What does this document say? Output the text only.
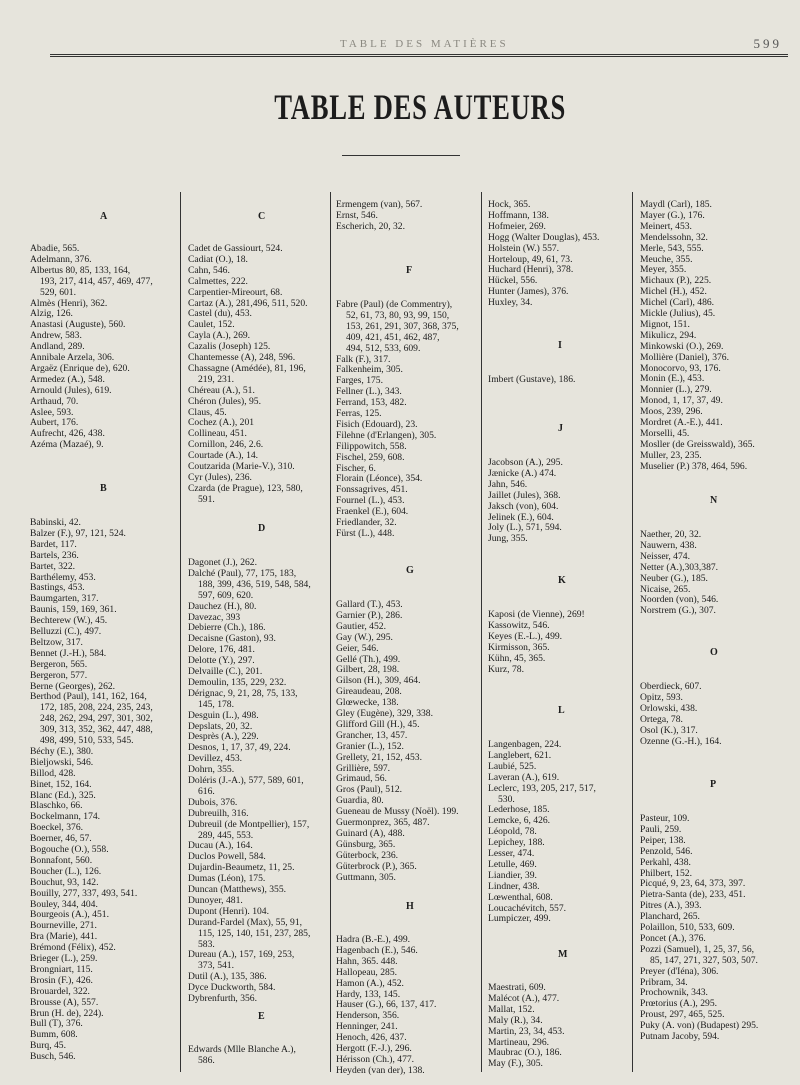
TABLE DES MATIÈRES	599
TABLE DES AUTEURS
A
Abadie, 565.
Adelmann, 376.
Albertus 80, 85, 133, 164,
193, 217, 414, 457, 469, 477,
529, 601.
Almès (Henri), 362.
Alzig, 126.
Anastasi (Auguste), 560.
Andrew, 583.
Andland, 289.
Annibale Arzela, 306.
Argaëz (Enrique de), 620.
Armedez (A.), 548.
Arnould (Jules), 619.
Arthaud, 70.
Aslee, 593.
Aubert, 176.
Aufrecht, 426, 438.
Azéma (Mazaé), 9.
B
Babinski, 42.
Balzer (F.), 97, 121, 524.
Bardet, 117.
Bartels, 236.
Bartet, 322.
Barthélemy, 453.
Bastings, 453.
Baumgarten, 317.
Baunis, 159, 169, 361.
Bechterew (W.), 45.
Belluzzi (C.), 497.
Beltzow, 317.
Bennet (J.-H.), 584.
Bergeron, 565.
Bergeron, 577.
Berne (Georges), 262.
Berthod (Paul), 141, 162, 164,
172, 185, 208, 224, 235, 243,
248, 262, 294, 297, 301, 302,
309, 313, 352, 362, 447, 488,
498, 499, 510, 533, 545.
Béchy (E.), 380.
Bieljowski, 546.
Billod, 428.
Binet, 152, 164.
Blanc (Ed.), 325.
Blaschko, 66.
Bockelmann, 174.
Boeckel, 376.
Boerner, 46, 57.
Bogouche (O.), 558.
Bonnafont, 560.
Boucher (L.), 126.
Bouchut, 93, 142.
Bouilly, 277, 337, 493, 541.
Bouley, 344, 404.
Bourgeois (A.), 451.
Bourneville, 271.
Bra (Marie), 441.
Brémond (Félix), 452.
Brieger (L.), 259.
Brongniart, 115.
Brosin (F.), 426.
Brouardel, 322.
Brousse (A), 557.
Brun (H. de), 224).
Bull (T), 376.
Bumm, 608.
Burq, 45.
Busch, 546.
C
Cadet de Gassiourt, 524.
Cadiat (O.), 18.
Cahn, 546.
Calmettes, 222.
Carpentier-Mireourt, 68.
Cartaz (A.), 281,496, 511, 520.
Castel (du), 453.
Caulet, 152.
Cayla (A.), 269.
Cazalis (Joseph) 125.
Chantemesse (A), 248, 596.
Chassagne (Amédée), 81, 196,
219, 231.
Chéreau (A.), 51.
Chéron (Jules), 95.
Claus, 45.
Cochez (A.), 201
Collineau, 451.
Cornillon, 246, 2.6.
Courtade (A.), 14.
Coutzarida (Marie-V.), 310.
Cyr (Jules), 236.
Czarda (de Prague), 123, 580,
591.
D
Dagonet (J.), 262.
Dalché (Paul), 77, 175, 183,
188, 399, 436, 519, 548, 584,
597, 609, 620.
Dauchez (H.), 80.
Davezac, 393
Debierre (Ch.), 186.
Decaisne (Gaston), 93.
Delore, 176, 481.
Delotte (Y.), 297.
Delvaille (C.), 201.
Demoulin, 135, 229, 232.
Dérignac, 9, 21, 28, 75, 133,
145, 178.
Desguin (L.), 498.
Depslats, 20, 32.
Desprès (A.), 229.
Desnos, 1, 17, 37, 49, 224.
Devillez, 453.
Dohrn, 355.
Doléris (J.-A.), 577, 589, 601,
616.
Dubois, 376.
Dubreuilh, 316.
Dubreuil (de Montpellier), 157,
289, 445, 553.
Ducau (A.), 164.
Duclos Powell, 584.
Dujardin-Beaumetz, 11, 25.
Dumas (Léon), 175.
Duncan (Matthews), 355.
Dunoyer, 481.
Dupont (Henri). 104.
Durand-Fardel (Max), 55, 91,
115, 125, 140, 151, 237, 285,
583.
Dureau (A.), 157, 169, 253,
373, 541.
Dutil (A.), 135, 386.
Dyce Duckworth, 584.
Dybrenfurth, 356.
E
Edwards (Mlle Blanche A.),
586.
Ermengem (van), 567.
Ernst, 546.
Escherich, 20, 32.
F
Fabre (Paul) (de Commentry),
52, 61, 73, 80, 93, 99, 150,
153, 261, 291, 307, 368, 375,
409, 421, 451, 462, 487,
494, 512, 533, 609.
Falk (F.), 317.
Falkenheim, 305.
Farges, 175.
Fellner (L.), 343.
Ferrand, 153, 482.
Ferras, 125.
Fisich (Edouard), 23.
Filehne (d'Erlangen), 305.
Filippowitch, 558.
Fischel, 259, 608.
Fischer, 6.
Florain (Léonce), 354.
Fonssagrives, 451.
Fournel (L.), 453.
Fraenkel (E.), 604.
Friedlander, 32.
Fürst (L.), 448.
G
Gallard (T.), 453.
Garnier (P.), 286.
Gautier, 452.
Gay (W.), 295.
Geier, 546.
Gellé (Th.), 499.
Gilbert, 28, 198.
Gilson (H.), 309, 464.
Gireaudeau, 208.
Glœwecke, 138.
Gley (Eugène), 329, 338.
Glifford Gill (H.), 45.
Grancher, 13, 457.
Granier (L.), 152.
Grellety, 21, 152, 453.
Grillière, 597.
Grimaud, 56.
Gros (Paul), 512.
Guardia, 80.
Gueneau de Mussy (Noël). 199.
Guermonprez, 365, 487.
Guinard (A), 488.
Günsburg, 365.
Güterbock, 236.
Güterbrock (P.), 365.
Guttmann, 305.
H
Hadra (B.-E.), 499.
Hagenbach (E.), 546.
Hahn, 365. 448.
Hallopeau, 285.
Hamon (A.), 452.
Hardy, 133, 145.
Hauser (G.), 66, 137, 417.
Henderson, 356.
Henninger, 241.
Henoch, 426, 437.
Hergott (F.-J.), 296.
Hérisson (Ch.), 477.
Heyden (van der), 138.
Hock, 365.
Hoffmann, 138.
Hofmeier, 269.
Hogg (Walter Douglas), 453.
Holstein (W.) 557.
Horteloup, 49, 61, 73.
Huchard (Henri), 378.
Hückel, 556.
Hunter (James), 376.
Huxley, 34.
I
Imbert (Gustave), 186.
J
Jacobson (A.), 295.
Jænicke (A.) 474.
Jahn, 546.
Jaillet (Jules), 368.
Jaksch (von), 604.
Jelinek (E.), 604.
Joly (L.), 571, 594.
Jung, 355.
K
Kaposi (de Vienne), 269!
Kassowitz, 546.
Keyes (E.-L.), 499.
Kirmisson, 365.
Kühn, 45, 365.
Kurz, 78.
L
Langenbagen, 224.
Langlebert, 621.
Laubié, 525.
Laveran (A.), 619.
Leclerc, 193, 205, 217, 517,
530.
Lederhose, 185.
Lemcke, 6, 426.
Léopold, 78.
Lepichey, 188.
Lesser, 474.
Letulle, 469.
Liandier, 39.
Lindner, 438.
Lœwenthal, 608.
Loucachévitch, 557.
Lumpiczer, 499.
M
Maestrati, 609.
Malécot (A.), 477.
Mallat, 152.
Maly (R.), 34.
Martin, 23, 34, 453.
Martineau, 296.
Maubrac (O.), 186.
May (F.), 305.
Maydl (Carl), 185.
Mayer (G.), 176.
Meinert, 453.
Mendelssohn, 32.
Merle, 543, 555.
Meuche, 355.
Meyer, 355.
Michaux (P.), 225.
Michel (H.), 452.
Michel (Carl), 486.
Mickle (Julius), 45.
Mignot, 151.
Mikulicz, 294.
Minkowski (O.), 269.
Mollière (Daniel), 376.
Monocorvo, 93, 176.
Monin (E.), 453.
Monnier (L.), 279.
Monod, 1, 17, 37, 49.
Moos, 239, 296.
Mordret (A.-E.), 441.
Morselli, 45.
Mosller (de Greisswald), 365.
Muller, 23, 235.
Muselier (P.) 378, 464, 596.
N
Naether, 20, 32.
Nauwern, 438.
Neisser, 474.
Netter (A.),303,387.
Neuber (G.), 185.
Nicaise, 265.
Noorden (von), 546.
Norstrem (G.), 307.
O
Oberdieck, 607.
Opitz, 593.
Orlowski, 438.
Ortega, 78.
Osol (K.), 317.
Ozenne (G.-H.), 164.
P
Pasteur, 109.
Pauli, 259.
Peiper, 138.
Penzold, 546.
Perkahl, 438.
Philbert, 152.
Picqué, 9, 23, 64, 373, 397.
Pietra-Santa (de), 233, 451.
Pitres (A.), 393.
Planchard, 265.
Polaillon, 510, 533, 609.
Poncet (A.), 376.
Pozzi (Samuel), 1, 25, 37, 56,
85, 147, 271, 327, 503, 507.
Preyer (d'Iéna), 306.
Pribram, 34.
Prochownik, 343.
Prœtorius (A.), 295.
Proust, 297, 465, 525.
Puky (A. von) (Budapest) 295.
Putnam Jacoby, 594.
